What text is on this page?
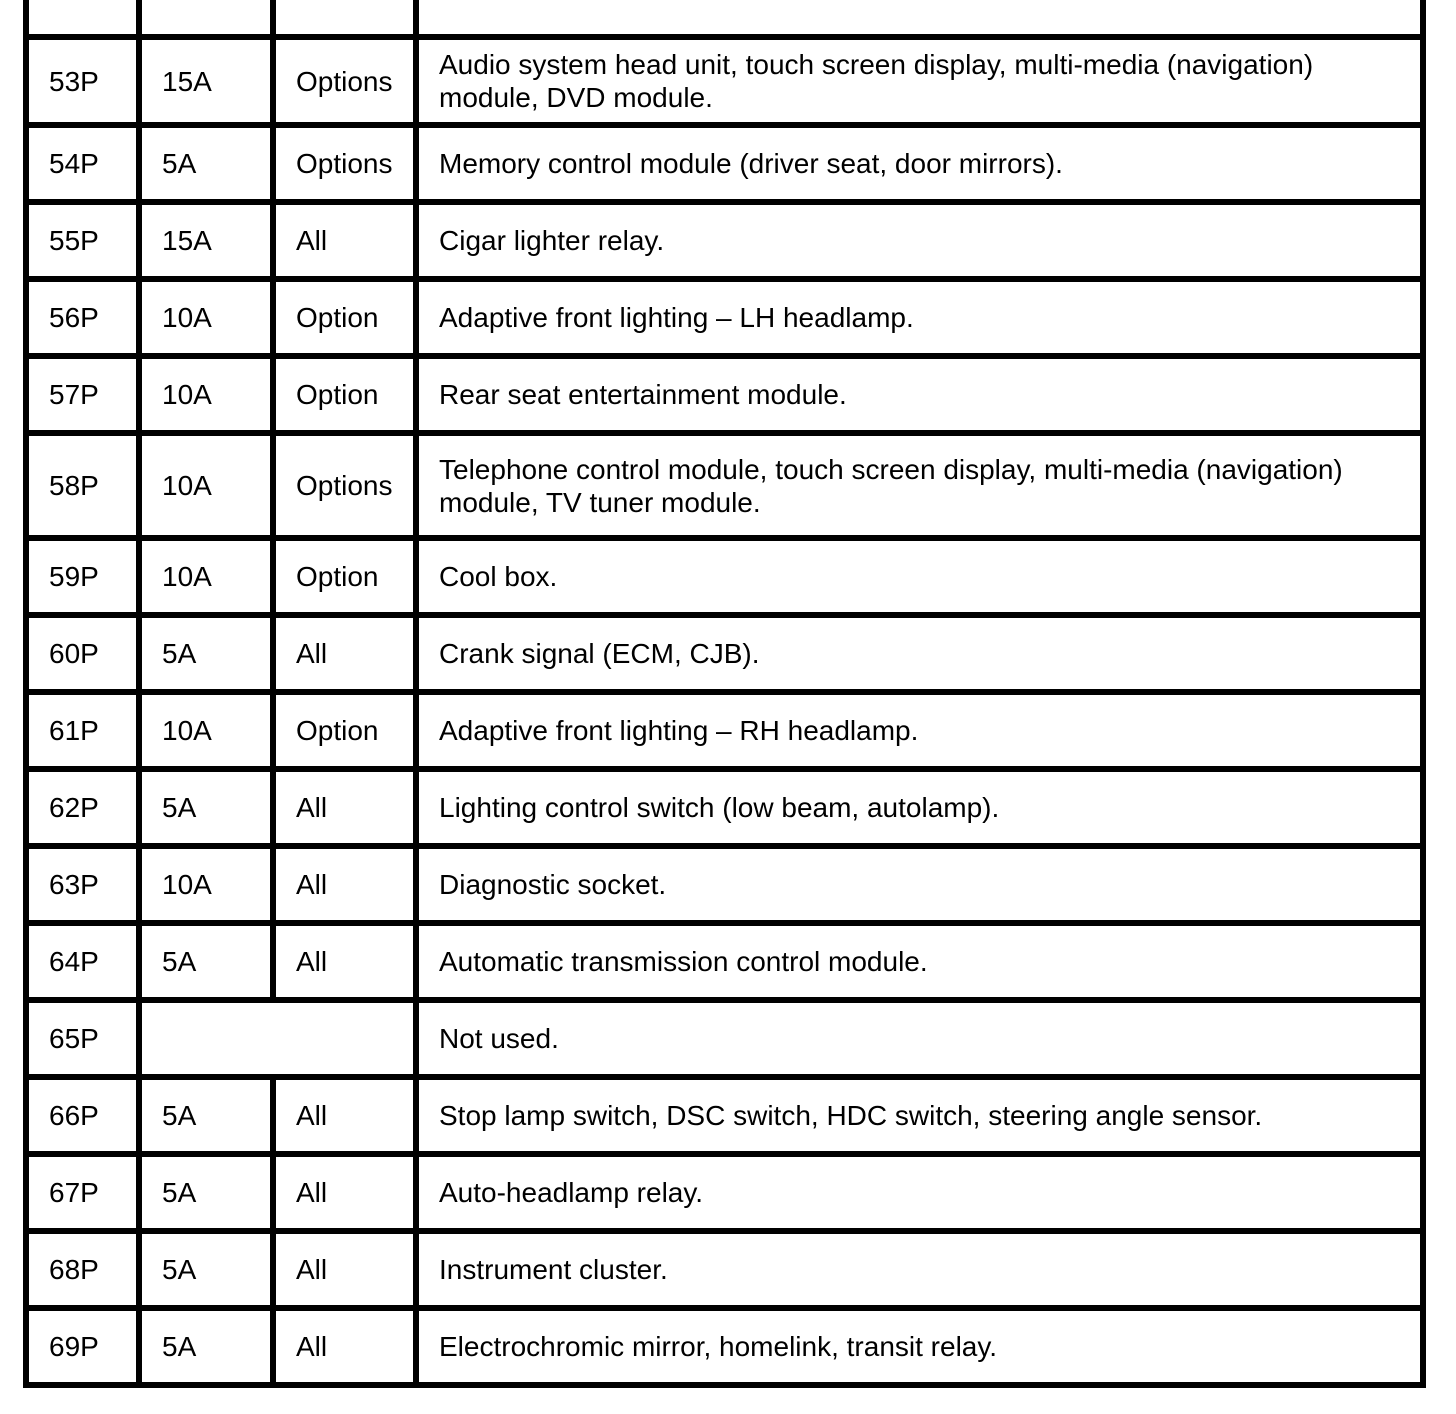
53P	15A	Options	Audio system head unit, touch screen display, multi-media (navigation) module, DVD module.
54P	5A	Options	Memory control module (driver seat, door mirrors).
55P	15A	All	Cigar lighter relay.
56P	10A	Option	Adaptive front lighting – LH headlamp.
57P	10A	Option	Rear seat entertainment module.
58P	10A	Options	Telephone control module, touch screen display, multi-media (navigation) module, TV tuner module.
59P	10A	Option	Cool box.
60P	5A	All	Crank signal (ECM, CJB).
61P	10A	Option	Adaptive front lighting – RH headlamp.
62P	5A	All	Lighting control switch (low beam, autolamp).
63P	10A	All	Diagnostic socket.
64P	5A	All	Automatic transmission control module.
65P			Not used.
66P	5A	All	Stop lamp switch, DSC switch, HDC switch, steering angle sensor.
67P	5A	All	Auto-headlamp relay.
68P	5A	All	Instrument cluster.
69P	5A	All	Electrochromic mirror, homelink, transit relay.
